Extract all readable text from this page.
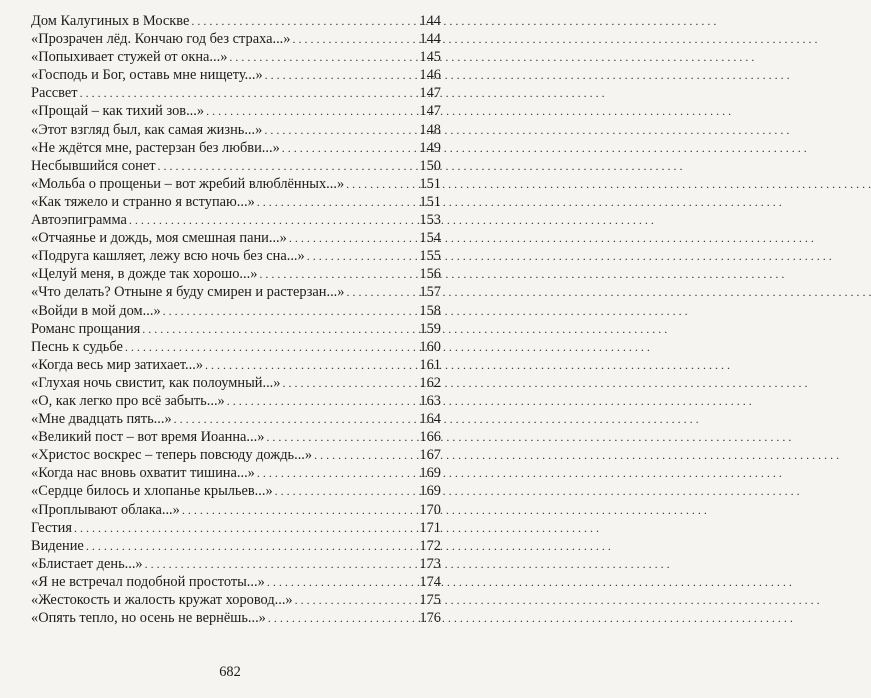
Дом Калугиных в Москве . . .	144
«Прозрачен лёд. Кончаю год без страха...» . . .	144
«Попыхивает стужей от окна...» . . .	145
«Господь и Бог, оставь мне нищету...» . . .	146
Рассвет . . .	147
«Прощай – как тихий зов...» . . .	147
«Этот взгляд был, как самая жизнь...» . . .	148
«Не ждётся мне, растерзан без любви...» . . .	149
Несбывшийся сонет . . .	150
«Мольба о прощеньи – вот жребий влюблённых...» . . .	151
«Как тяжело и странно я вступаю...» . . .	151
Автоэпиграмма . . .	153
«Отчаянье и дождь, моя смешная пани...» . . .	154
«Подруга кашляет, лежу всю ночь без сна...» . . .	155
«Целуй меня, в дожде так хорошо...» . . .	156
«Что делать? Отныне я буду смирен и растерзан...» . . .	157
«Войди в мой дом...» . . .	158
Романс прощания . . .	159
Песнь к судьбе . . .	160
«Когда весь мир затихает...» . . .	161
«Глухая ночь свистит, как полоумный...» . . .	162
«О, как легко про всё забыть...» . . .	163
«Мне двадцать пять...» . . .	164
«Великий пост – вот время Иоанна...» . . .	166
«Христос воскрес – теперь повсюду дождь...» . . .	167
«Когда нас вновь охватит тишина...» . . .	169
«Сердце билось и хлопанье крыльев...» . . .	169
«Проплывают облака...» . . .	170
Гестия . . .	171
Видение . . .	172
«Блистает день...» . . .	173
«Я не встречал подобной простоты...» . . .	174
«Жестокость и жалость кружат хоровод...» . . .	175
«Опять тепло, но осень не вернёшь...» . . .	176
682
